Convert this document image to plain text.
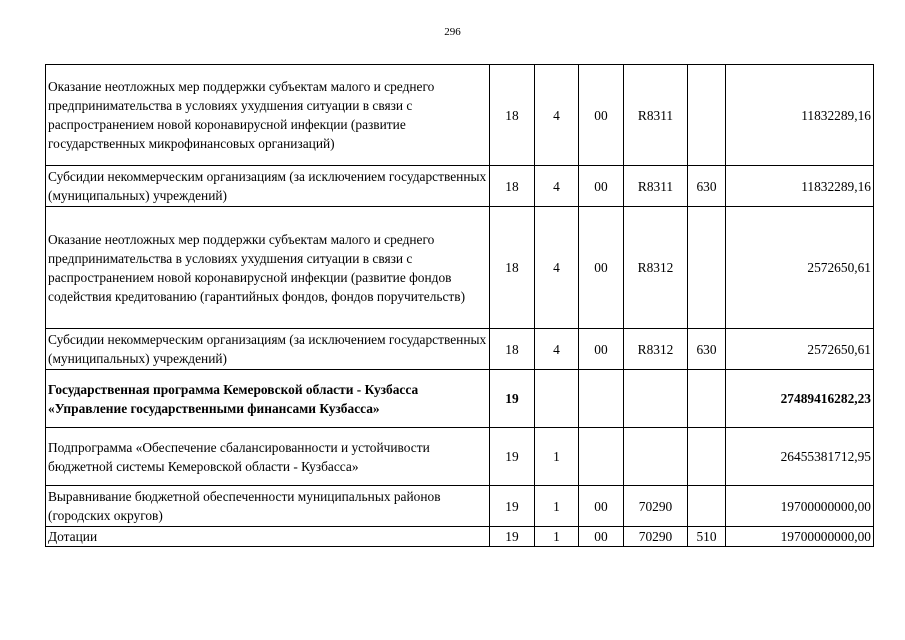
296
Оказание неотложных мер поддержки субъектам малого и среднего предпринимательства в условиях ухудшения ситуации в связи с распространением новой коронавирусной инфекции (развитие государственных микрофинансовых организаций)	18	4	00	R8311		11832289,16
Субсидии некоммерческим организациям (за исключением государственных (муниципальных) учреждений)	18	4	00	R8311	630	11832289,16
Оказание неотложных мер поддержки субъектам малого и среднего предпринимательства в условиях ухудшения ситуации в связи с распространением новой коронавирусной инфекции (развитие фондов содействия кредитованию (гарантийных фондов, фондов поручительств)	18	4	00	R8312		2572650,61
Субсидии некоммерческим организациям (за исключением государственных (муниципальных) учреждений)	18	4	00	R8312	630	2572650,61
Государственная программа Кемеровской области - Кузбасса «Управление государственными финансами Кузбасса»	19					27489416282,23
Подпрограмма «Обеспечение сбалансированности и устойчивости бюджетной системы Кемеровской области - Кузбасса»	19	1				26455381712,95
Выравнивание бюджетной обеспеченности муниципальных районов (городских округов)	19	1	00	70290		19700000000,00
Дотации	19	1	00	70290	510	19700000000,00
